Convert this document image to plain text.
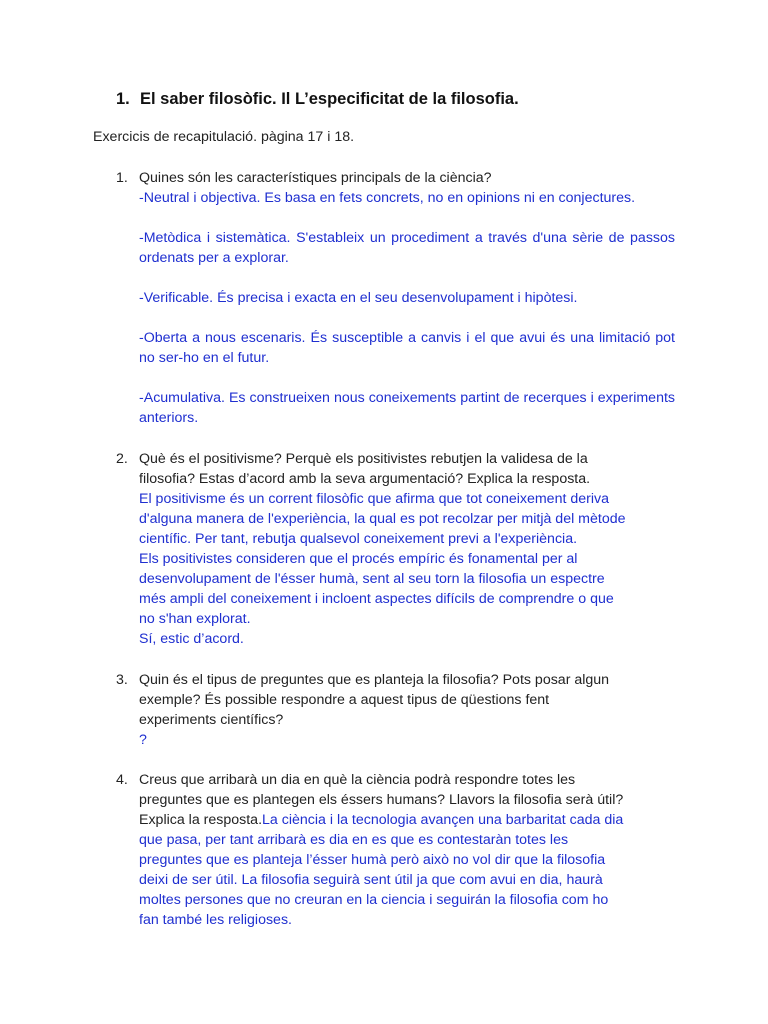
1. El saber filosòfic. Il L’especificitat de la filosofia.
Exercicis de recapitulació. pàgina 17 i 18.
1. Quines són les característiques principals de la ciència?
-Neutral i objectiva. Es basa en fets concrets, no en opinions ni en conjectures.
-Metòdica i sistemàtica. S'estableix un procediment a través d'una sèrie de passos ordenats per a explorar.
-Verificable. És precisa i exacta en el seu desenvolupament i hipòtesi.
-Oberta a nous escenaris. És susceptible a canvis i el que avui és una limitació pot no ser-ho en el futur.
-Acumulativa. Es construeixen nous coneixements partint de recerques i experiments anteriors.
2. Què és el positivisme? Perquè els positivistes rebutjen la validesa de la
filosofia? Estas d’acord amb la seva argumentació? Explica la resposta.
El positivisme és un corrent filosòfic que afirma que tot coneixement deriva
d'alguna manera de l'experiència, la qual es pot recolzar per mitjà del mètode
científic. Per tant, rebutja qualsevol coneixement previ a l'experiència.
Els positivistes consideren que el procés empíric és fonamental per al
desenvolupament de l'ésser humà, sent al seu torn la filosofia un espectre
més ampli del coneixement i incloent aspectes difícils de comprendre o que
no s'han explorat.
Sí, estic d’acord.
3. Quin és el tipus de preguntes que es planteja la filosofia? Pots posar algun
exemple? És possible respondre a aquest tipus de qüestions fent
experiments científics?
?
4. Creus que arribarà un dia en què la ciència podrà respondre totes les
preguntes que es plantegen els éssers humans? Llavors la filosofia serà útil?
Explica la resposta.La ciència i la tecnologia avançen una barbaritat cada dia
que pasa, per tant arribarà es dia en es que es contestaràn totes les
preguntes que es planteja l’ésser humà però això no vol dir que la filosofia
deixi de ser útil. La filosofia seguirà sent útil ja que com avui en dia, haurà
moltes persones que no creuran en la ciencia i seguirán la filosofia com ho
fan també les religioses.
